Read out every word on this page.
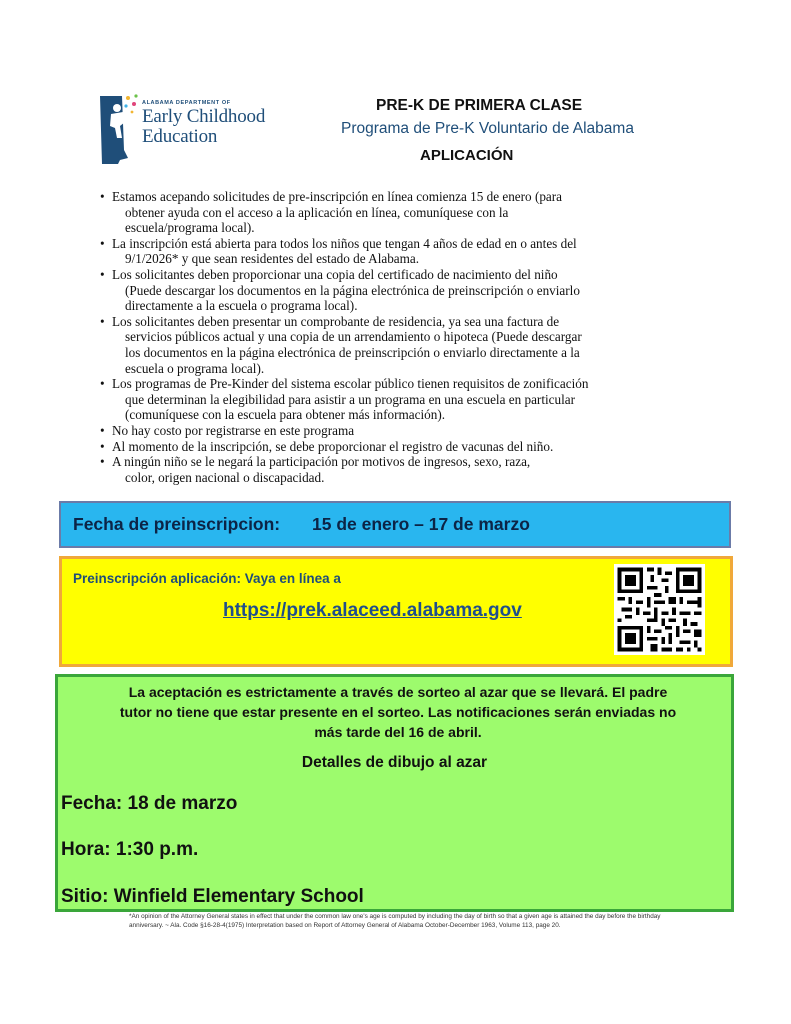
ALABAMA DEPARTMENT OF
Early Childhood
Education
PRE-K DE PRIMERA CLASE
Programa de Pre-K Voluntario de Alabama
APLICACIÓN
• Estamos acepando solicitudes de pre-inscripción en línea comienza 15 de enero (para
obtener ayuda con el acceso a la aplicación en línea, comuníquese con la
escuela/programa local).
• La inscripción está abierta para todos los niños que tengan 4 años de edad en o antes del
9/1/2026* y que sean residentes del estado de Alabama.
• Los solicitantes deben proporcionar una copia del certificado de nacimiento del niño
(Puede descargar los documentos en la página electrónica de preinscripción o enviarlo
directamente a la escuela o programa local).
• Los solicitantes deben presentar un comprobante de residencia, ya sea una factura de
servicios públicos actual y una copia de un arrendamiento o hipoteca (Puede descargar
los documentos en la página electrónica de preinscripción o enviarlo directamente a la
escuela o programa local).
• Los programas de Pre-Kinder del sistema escolar público tienen requisitos de zonificación
que determinan la elegibilidad para asistir a un programa en una escuela en particular
(comuníquese con la escuela para obtener más información).
• No hay costo por registrarse en este programa
• Al momento de la inscripción, se debe proporcionar el registro de vacunas del niño.
• A ningún niño se le negará la participación por motivos de ingresos, sexo, raza,
color, origen nacional o discapacidad.
Fecha de preinscripcion: 15 de enero – 17 de marzo
Preinscripción aplicación: Vaya en línea a
https://prek.alaceed.alabama.gov
La aceptación es estrictamente a través de sorteo al azar que se llevará. El padre
tutor no tiene que estar presente en el sorteo. Las notificaciones serán enviadas no
más tarde del 16 de abril.
Detalles de dibujo al azar
Fecha: 18 de marzo
Hora: 1:30 p.m.
Sitio: Winfield Elementary School
*An opinion of the Attorney General states in effect that under the common law one's age is computed by including the day of birth so that a given age is attained the day before the birthday anniversary. ~ Ala. Code §16-28-4(1975) Interpretation based on Report of Attorney General of Alabama October-December 1963, Volume 113, page 20.
